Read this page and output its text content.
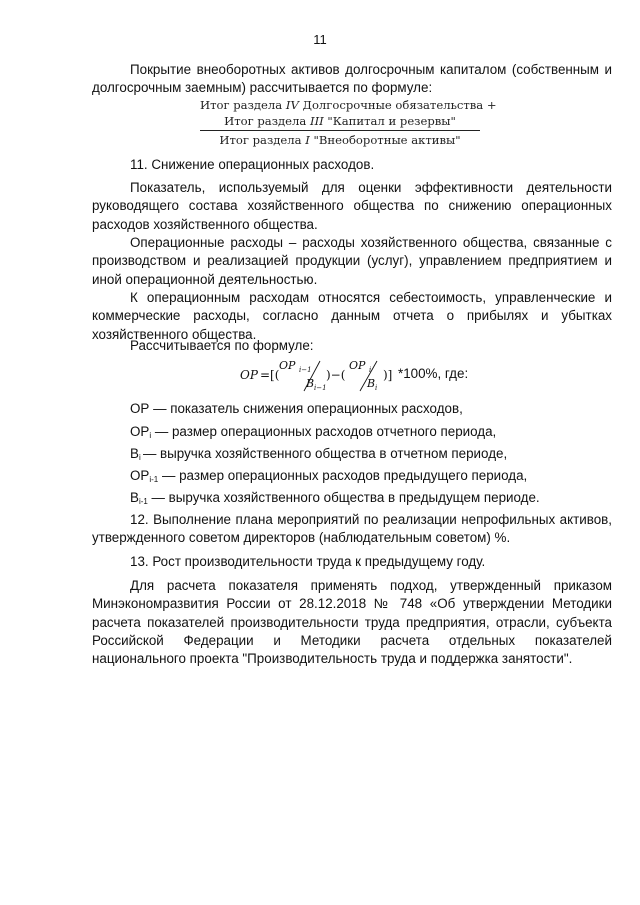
11
Покрытие внеоборотных активов долгосрочным капиталом (собственным и долгосрочным заемным) рассчитывается по формуле:
Итог раздела IV Долгосрочные обязательства +
Итог раздела III "Капитал и резервы"
Итог раздела I "Внеоборотные активы"
11. Снижение операционных расходов.
Показатель, используемый для оценки эффективности деятельности руководящего состава хозяйственного общества по снижению операционных расходов хозяйственного общества.
Операционные расходы – расходы хозяйственного общества, связанные с производством и реализацией продукции (услуг), управлением предприятием и иной операционной деятельностью.
К операционным расходам относятся себестоимость, управленческие и коммерческие расходы, согласно данным отчета о прибылях и убытках хозяйственного общества.
Рассчитывается по формуле:
OP =[(
OP i−1
B i−1
)−(
OP i
B i
)] *100%, где:
ОР — показатель снижения операционных расходов,
ОРi — размер операционных расходов отчетного периода,
Вi — выручка хозяйственного общества в отчетном периоде,
ОРi-1 — размер операционных расходов предыдущего периода,
Вi-1 — выручка хозяйственного общества в предыдущем периоде.
12. Выполнение плана мероприятий по реализации непрофильных активов, утвержденного советом директоров (наблюдательным советом) %.
13. Рост производительности труда к предыдущему году.
Для расчета показателя применять подход, утвержденный приказом Минэкономразвития России от 28.12.2018 № 748 «Об утверждении Методики расчета показателей производительности труда предприятия, отрасли, субъекта Российской Федерации и Методики расчета отдельных показателей национального проекта "Производительность труда и поддержка занятости".
